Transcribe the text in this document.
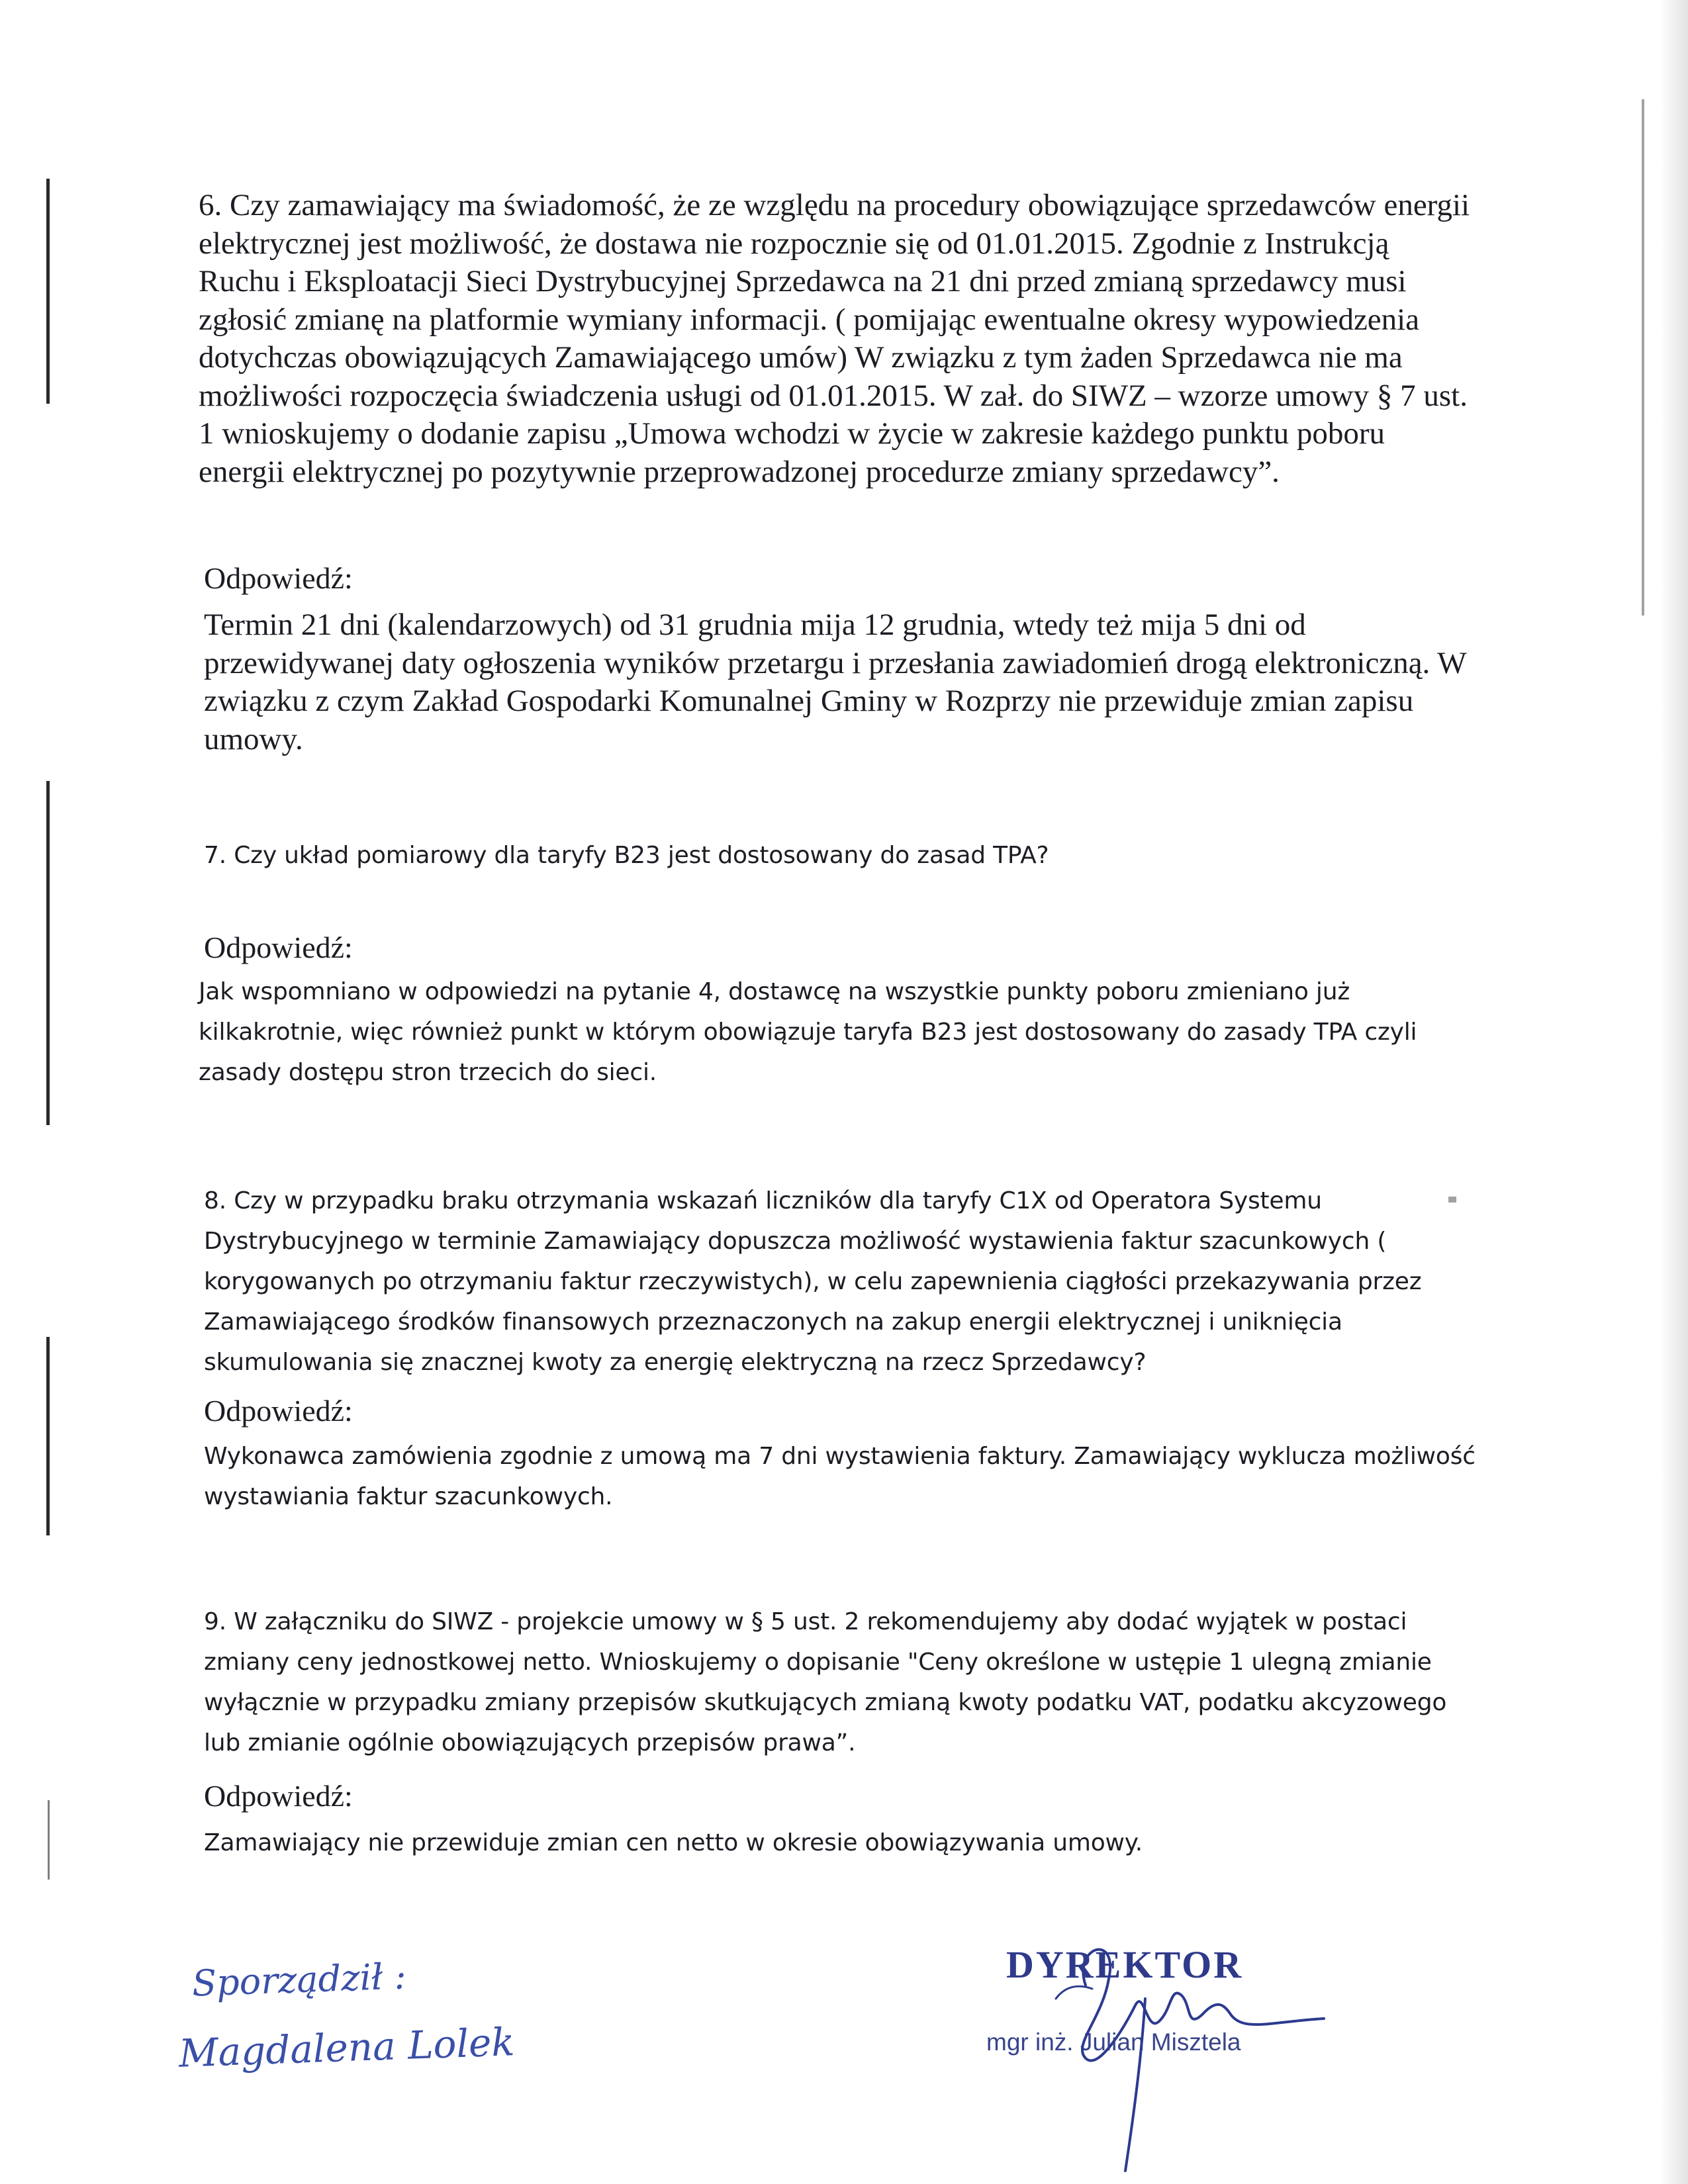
6. Czy zamawiający ma świadomość, że ze względu na procedury obowiązujące sprzedawców energii elektrycznej jest możliwość, że dostawa nie rozpocznie się od 01.01.2015. Zgodnie z Instrukcją Ruchu i Eksploatacji Sieci Dystrybucyjnej Sprzedawca na 21 dni przed zmianą sprzedawcy musi zgłosić zmianę na platformie wymiany informacji. ( pomijając ewentualne okresy wypowiedzenia dotychczas obowiązujących Zamawiającego umów) W związku z tym żaden Sprzedawca nie ma możliwości rozpoczęcia świadczenia usługi od 01.01.2015. W zał. do SIWZ – wzorze umowy § 7 ust. 1 wnioskujemy o dodanie zapisu „Umowa wchodzi w życie w zakresie każdego punktu poboru energii elektrycznej po pozytywnie przeprowadzonej procedurze zmiany sprzedawcy”.

Odpowiedź:

Termin 21 dni (kalendarzowych) od 31 grudnia mija 12 grudnia, wtedy też mija 5 dni od przewidywanej daty ogłoszenia wyników przetargu i przesłania zawiadomień drogą elektroniczną. W związku z czym Zakład Gospodarki Komunalnej Gminy w Rozprzy nie przewiduje zmian zapisu umowy.

7. Czy układ pomiarowy dla taryfy B23 jest dostosowany do zasad TPA?

Odpowiedź:

Jak wspomniano w odpowiedzi na pytanie 4, dostawcę na wszystkie punkty poboru zmieniano już kilkakrotnie, więc również punkt w którym obowiązuje taryfa B23 jest dostosowany do zasady TPA czyli zasady dostępu stron trzecich do sieci.

8. Czy w przypadku braku otrzymania wskazań liczników dla taryfy C1X od Operatora Systemu Dystrybucyjnego w terminie Zamawiający dopuszcza możliwość wystawienia faktur szacunkowych ( korygowanych po otrzymaniu faktur rzeczywistych), w celu zapewnienia ciągłości przekazywania przez Zamawiającego środków finansowych przeznaczonych na zakup energii elektrycznej i uniknięcia skumulowania się znacznej kwoty za energię elektryczną na rzecz Sprzedawcy?

Odpowiedź:

Wykonawca zamówienia zgodnie z umową ma 7 dni wystawienia faktury. Zamawiający wyklucza możliwość wystawiania faktur szacunkowych.

9. W załączniku do SIWZ - projekcie umowy w § 5 ust. 2 rekomendujemy aby dodać wyjątek w postaci zmiany ceny jednostkowej netto. Wnioskujemy o dopisanie "Ceny określone w ustępie 1 ulegną zmianie wyłącznie w przypadku zmiany przepisów skutkujących zmianą kwoty podatku VAT, podatku akcyzowego lub zmianie ogólnie obowiązujących przepisów prawa”.

Odpowiedź:

Zamawiający nie przewiduje zmian cen netto w okresie obowiązywania umowy.

Sporządził :
Magdalena Lolek
DYREKTOR
mgr inż. Julian Misztela
